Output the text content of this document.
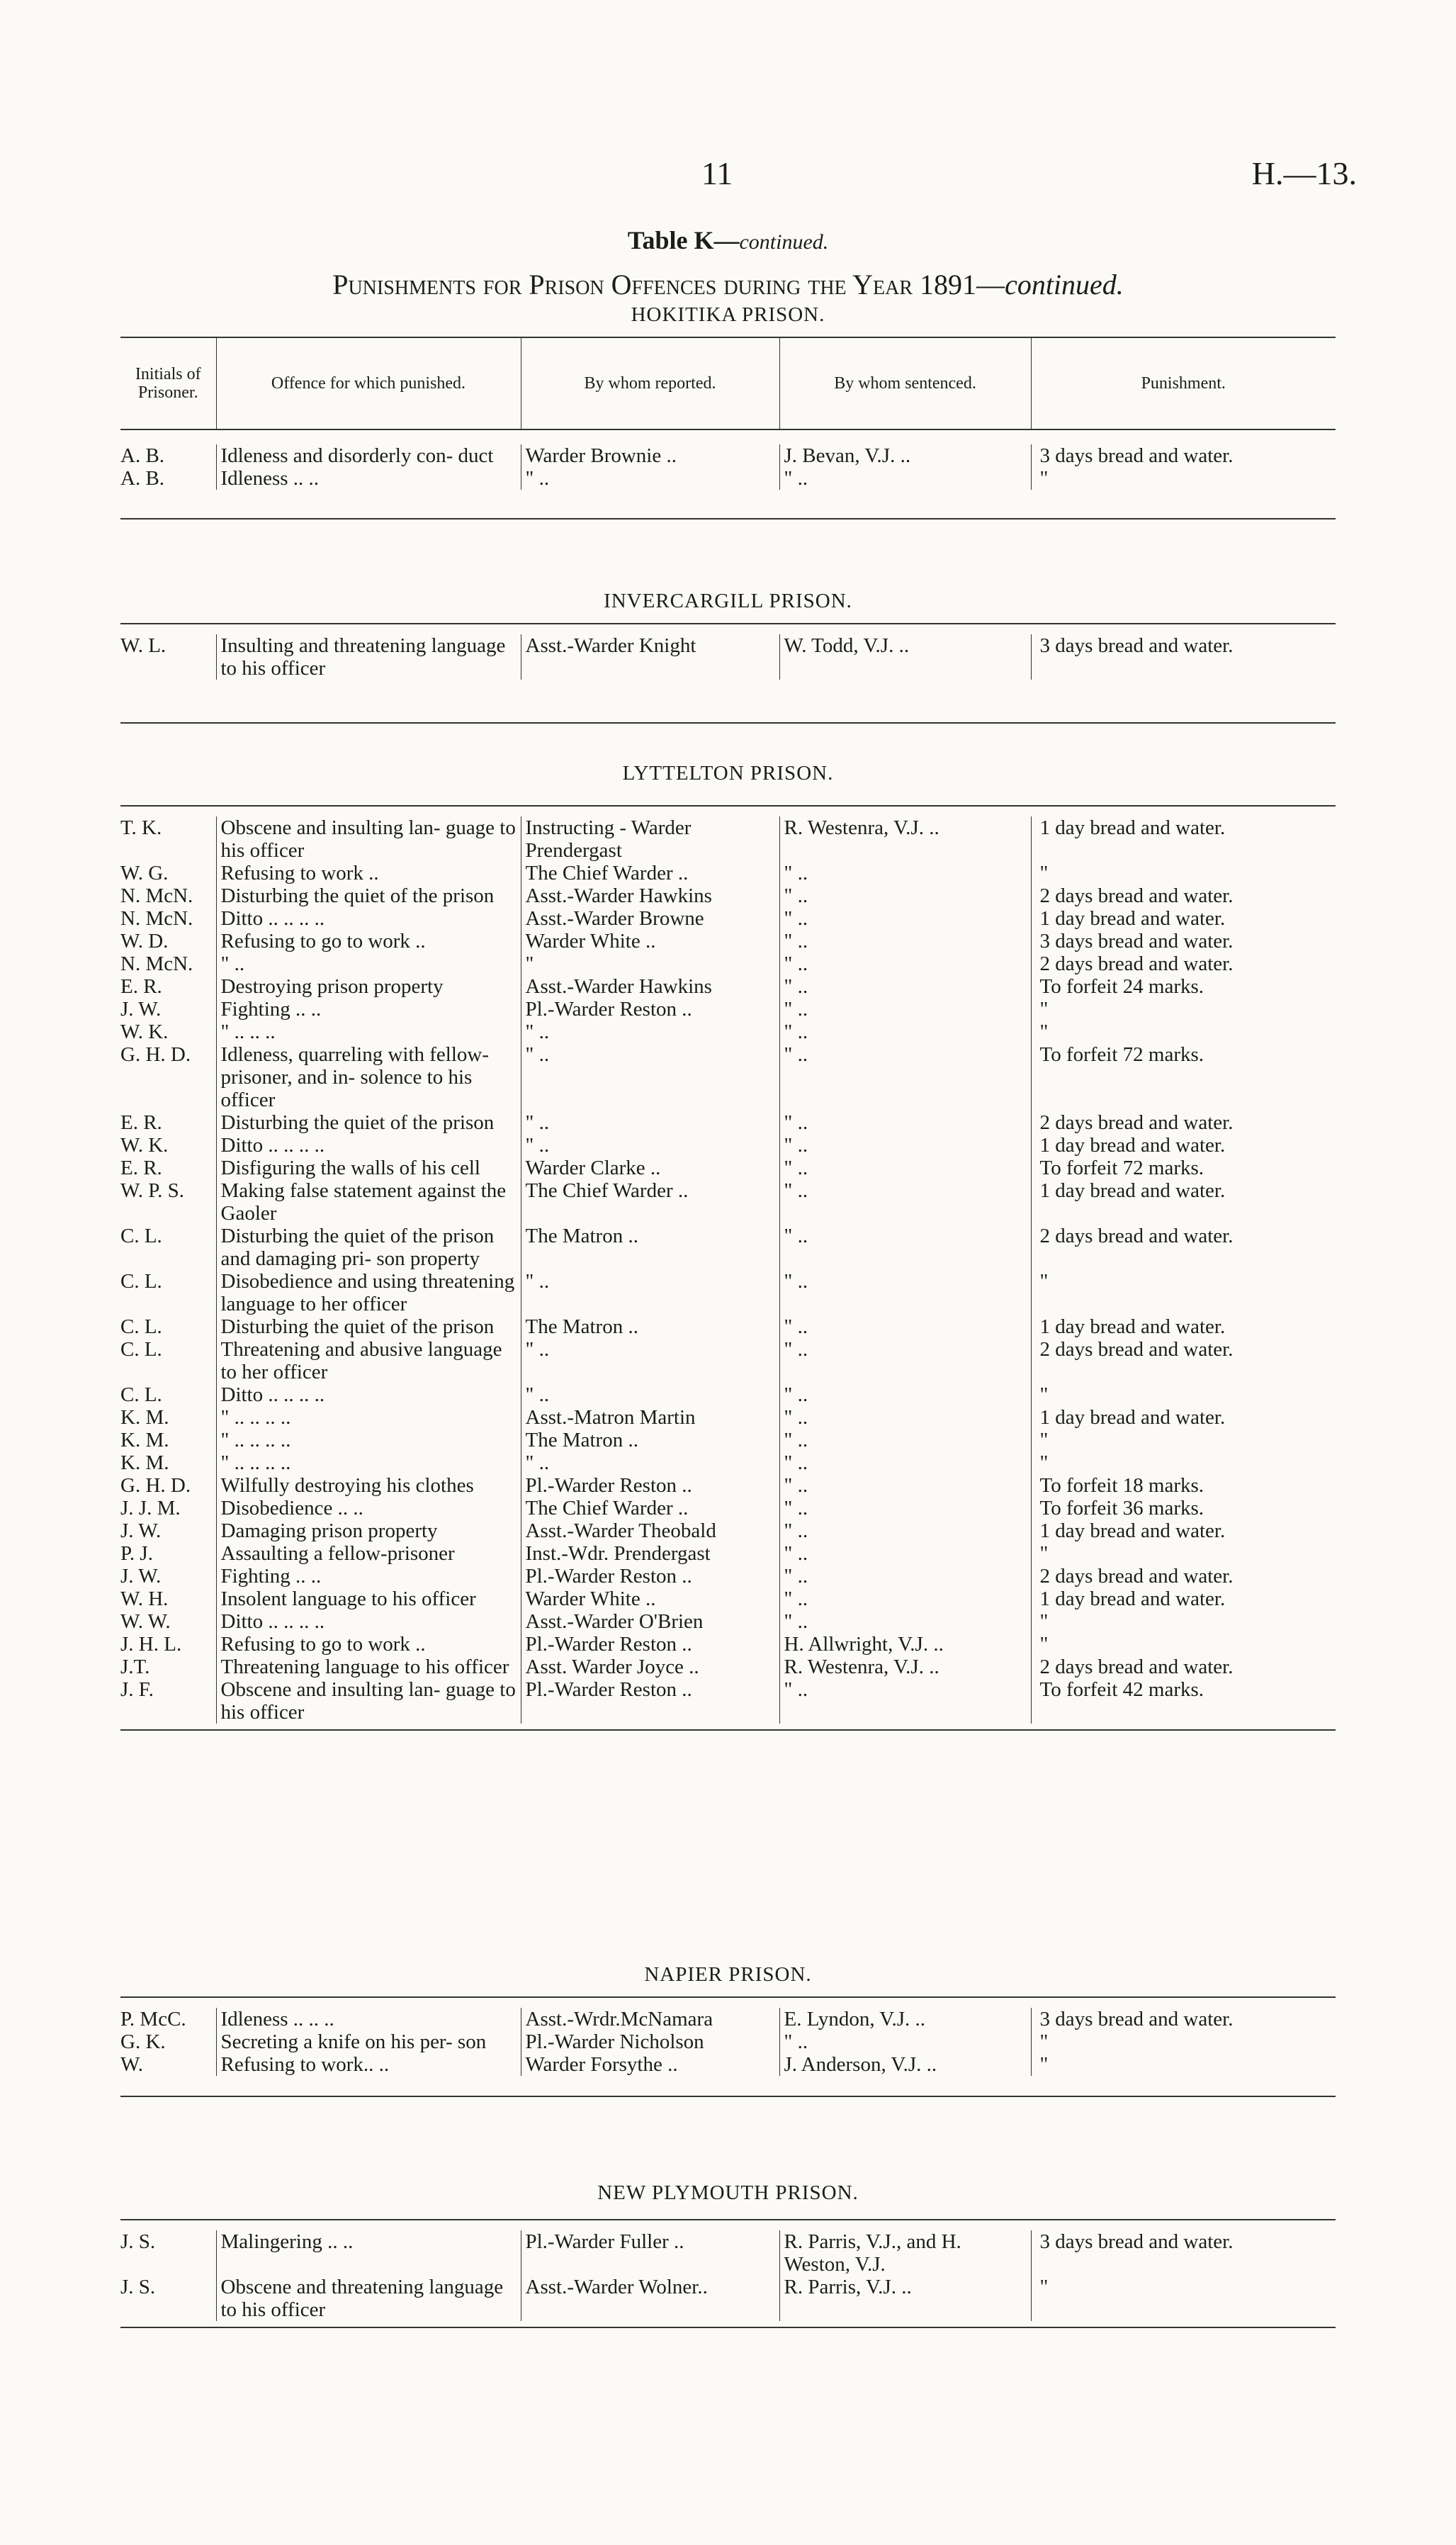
11	H.—13.
Table K—continued.
Punishments for Prison Offences during the Year 1891—continued.
HOKITIKA PRISON.
Initials of Prisoner.	Offence for which punished.	By whom reported.	By whom sentenced.	Punishment.

A. B.	Idleness and disorderly con- duct	Warder Brownie ..	J. Bevan, V.J. ..	3 days bread and water.
A. B.	Idleness .. ..	" ..	" ..	"

INVERCARGILL PRISON.

W. L.	Insulting and threatening language to his officer	Asst.-Warder Knight	W. Todd, V.J. ..	3 days bread and water.

LYTTELTON PRISON.

T. K.	Obscene and insulting lan- guage to his officer	Instructing - Warder Prendergast	R. Westenra, V.J. ..	1 day bread and water.
W. G.	Refusing to work ..	The Chief Warder ..	" ..	"
N. McN.	Disturbing the quiet of the prison	Asst.-Warder Hawkins	" ..	2 days bread and water.
N. McN.	Ditto .. .. .. ..	Asst.-Warder Browne	" ..	1 day bread and water.
W. D.	Refusing to go to work ..	Warder White ..	" ..	3 days bread and water.
N. McN.	" ..	"	" ..	2 days bread and water.
E. R.	Destroying prison property	Asst.-Warder Hawkins	" ..	To forfeit 24 marks.
J. W.	Fighting .. ..	Pl.-Warder Reston ..	" ..	"
W. K.	" .. .. ..	" ..	" ..	"
G. H. D.	Idleness, quarreling with fellow-prisoner, and in- solence to his officer	" ..	" ..	To forfeit 72 marks.
E. R.	Disturbing the quiet of the prison	" ..	" ..	2 days bread and water.
W. K.	Ditto .. .. .. ..	" ..	" ..	1 day bread and water.
E. R.	Disfiguring the walls of his cell	Warder Clarke ..	" ..	To forfeit 72 marks.
W. P. S.	Making false statement against the Gaoler	The Chief Warder ..	" ..	1 day bread and water.
C. L.	Disturbing the quiet of the prison and damaging pri- son property	The Matron ..	" ..	2 days bread and water.
C. L.	Disobedience and using threatening language to her officer	" ..	" ..	"
C. L.	Disturbing the quiet of the prison	The Matron ..	" ..	1 day bread and water.
C. L.	Threatening and abusive language to her officer	" ..	" ..	2 days bread and water.
C. L.	Ditto .. .. .. ..	" ..	" ..	"
K. M.	" .. .. .. ..	Asst.-Matron Martin	" ..	1 day bread and water.
K. M.	" .. .. .. ..	The Matron ..	" ..	"
K. M.	" .. .. .. ..	" ..	" ..	"
G. H. D.	Wilfully destroying his clothes	Pl.-Warder Reston ..	" ..	To forfeit 18 marks.
J. J. M.	Disobedience .. ..	The Chief Warder ..	" ..	To forfeit 36 marks.
J. W.	Damaging prison property	Asst.-Warder Theobald	" ..	1 day bread and water.
P. J.	Assaulting a fellow-prisoner	Inst.-Wdr. Prendergast	" ..	"
J. W.	Fighting .. ..	Pl.-Warder Reston ..	" ..	2 days bread and water.
W. H.	Insolent language to his officer	Warder White ..	" ..	1 day bread and water.
W. W.	Ditto .. .. .. ..	Asst.-Warder O'Brien	" ..	"
J. H. L.	Refusing to go to work ..	Pl.-Warder Reston ..	H. Allwright, V.J. ..	"
J.T.	Threatening language to his officer	Asst. Warder Joyce ..	R. Westenra, V.J. ..	2 days bread and water.
J. F.	Obscene and insulting lan- guage to his officer	Pl.-Warder Reston ..	" ..	To forfeit 42 marks.

NAPIER PRISON.

P. McC.	Idleness .. .. ..	Asst.-Wrdr.McNamara	E. Lyndon, V.J. ..	3 days bread and water.
G. K.	Secreting a knife on his per- son	Pl.-Warder Nicholson	" ..	"
W.	Refusing to work.. ..	Warder Forsythe ..	J. Anderson, V.J. ..	"

NEW PLYMOUTH PRISON.

J. S.	Malingering .. ..	Pl.-Warder Fuller ..	R. Parris, V.J., and H. Weston, V.J.	3 days bread and water.
J. S.	Obscene and threatening language to his officer	Asst.-Warder Wolner..	R. Parris, V.J. ..	"
